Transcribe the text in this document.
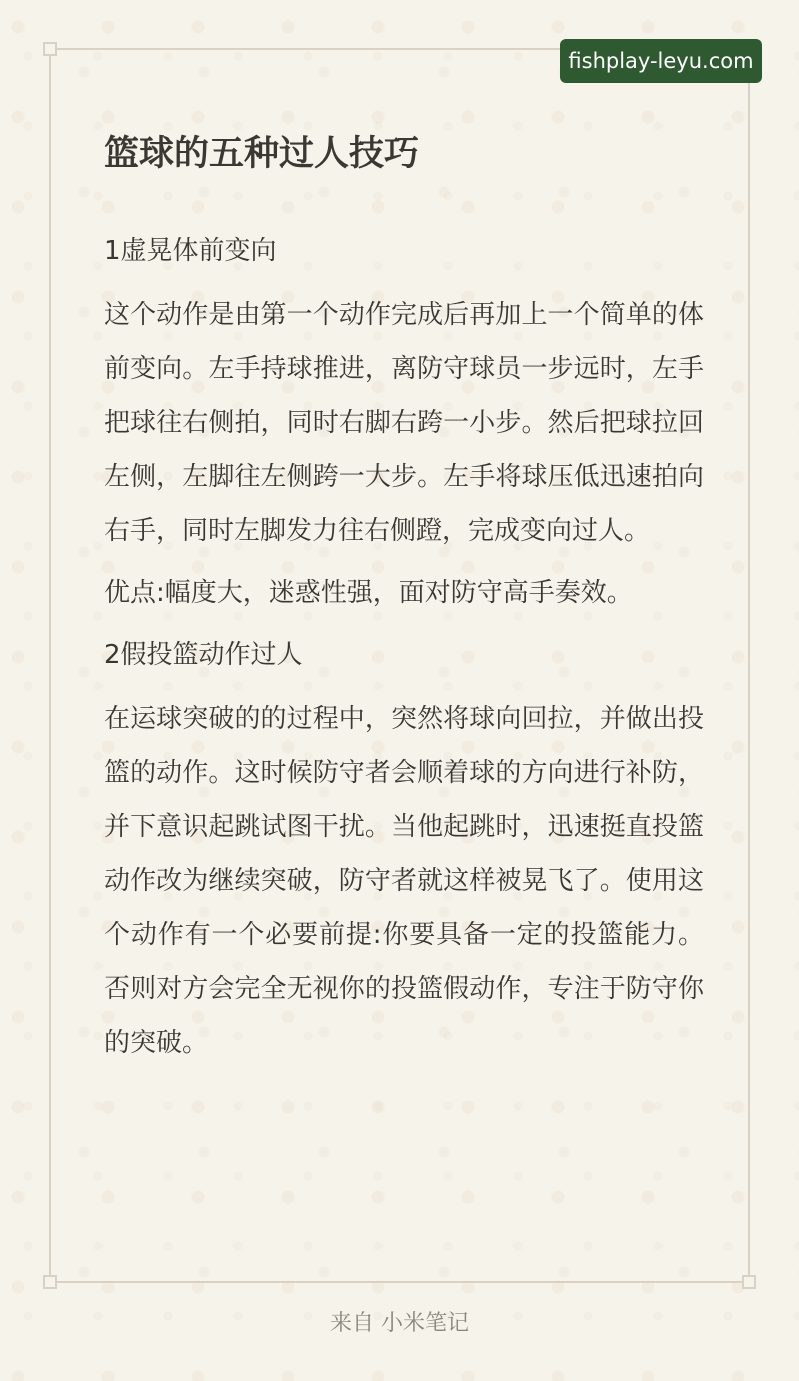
fishplay-leyu.com
篮球的五种过人技巧
1虚晃体前变向
这个动作是由第一个动作完成后再加上一个简单的体前变向。左手持球推进，离防守球员一步远时，左手把球往右侧拍，同时右脚右跨一小步。然后把球拉回左侧，左脚往左侧跨一大步。左手将球压低迅速拍向右手，同时左脚发力往右侧蹬，完成变向过人。
优点:幅度大，迷惑性强，面对防守高手奏效。
2假投篮动作过人
在运球突破的的过程中，突然将球向回拉，并做出投篮的动作。这时候防守者会顺着球的方向进行补防，并下意识起跳试图干扰。当他起跳时，迅速挺直投篮动作改为继续突破，防守者就这样被晃飞了。使用这个动作有一个必要前提:你要具备一定的投篮能力。否则对方会完全无视你的投篮假动作，专注于防守你的突破。
来自 小米笔记
